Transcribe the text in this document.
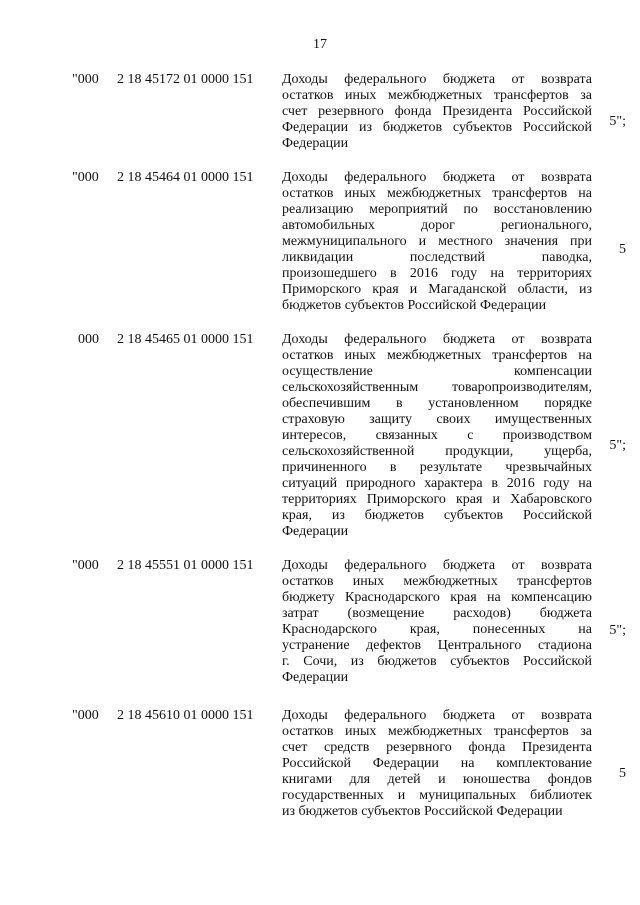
17
"000 2 18 45172 01 0000 151 Доходы федерального бюджета от возврата
остатков иных межбюджетных трансфертов за
счет резервного фонда Президента Российской
Федерации из бюджетов субъектов Российской
Федерации
5";
"000 2 18 45464 01 0000 151 Доходы федерального бюджета от возврата
остатков иных межбюджетных трансфертов на
реализацию мероприятий по восстановлению
автомобильных дорог регионального,
межмуниципального и местного значения при
ликвидации последствий паводка,
произошедшего в 2016 году на территориях
Приморского края и Магаданской области, из
бюджетов субъектов Российской Федерации
5
000 2 18 45465 01 0000 151 Доходы федерального бюджета от возврата
остатков иных межбюджетных трансфертов на
осуществление компенсации
сельскохозяйственным товаропроизводителям,
обеспечившим в установленном порядке
страховую защиту своих имущественных
интересов, связанных с производством
сельскохозяйственной продукции, ущерба,
причиненного в результате чрезвычайных
ситуаций природного характера в 2016 году на
территориях Приморского края и Хабаровского
края, из бюджетов субъектов Российской
Федерации
5";
"000 2 18 45551 01 0000 151 Доходы федерального бюджета от возврата
остатков иных межбюджетных трансфертов
бюджету Краснодарского края на компенсацию
затрат (возмещение расходов) бюджета
Краснодарского края, понесенных на
устранение дефектов Центрального стадиона
г. Сочи, из бюджетов субъектов Российской
Федерации
5";
"000 2 18 45610 01 0000 151 Доходы федерального бюджета от возврата
остатков иных межбюджетных трансфертов за
счет средств резервного фонда Президента
Российской Федерации на комплектование
книгами для детей и юношества фондов
государственных и муниципальных библиотек
из бюджетов субъектов Российской Федерации
5
